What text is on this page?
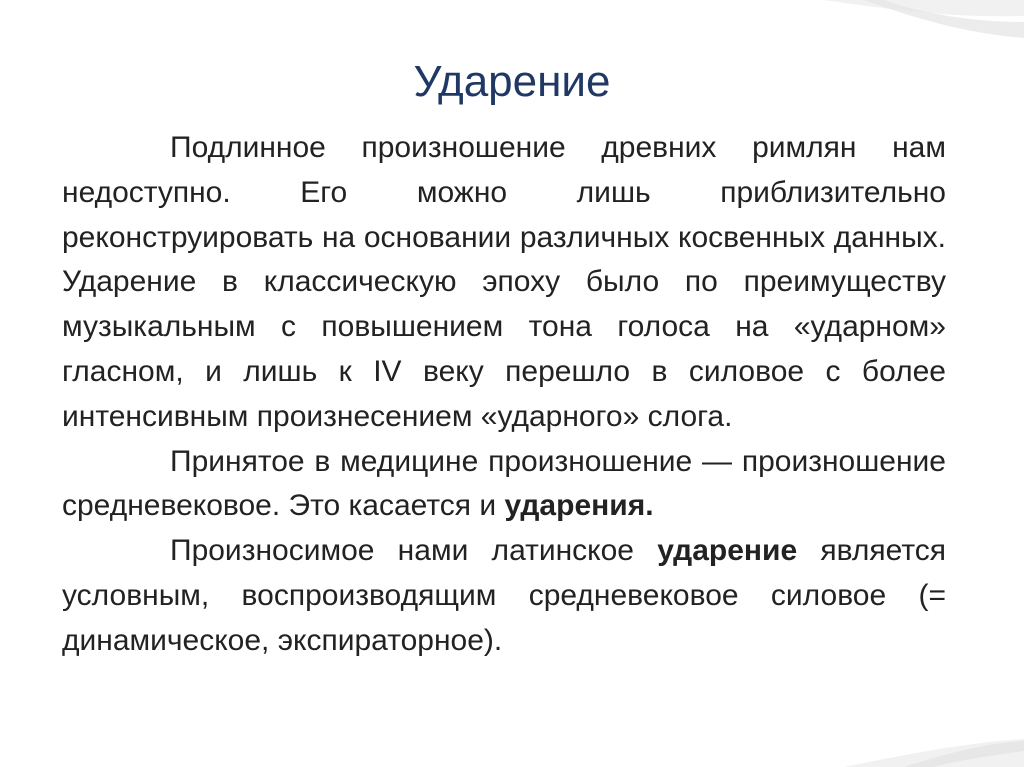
Ударение

Подлинное произношение древних римлян нам недоступно. Его можно лишь приблизительно реконструировать на основании различных косвенных данных. Ударение в классическую эпоху было по преимуществу музыкальным с повышением тона голоса на «ударном» гласном, и лишь к IV веку перешло в силовое с более интенсивным произнесением «ударного» слога.

Принятое в медицине произношение — произношение средневековое. Это касается и ударения.

Произносимое нами латинское ударение является условным, воспроизводящим средневековое силовое (= динамическое, экспираторное).
